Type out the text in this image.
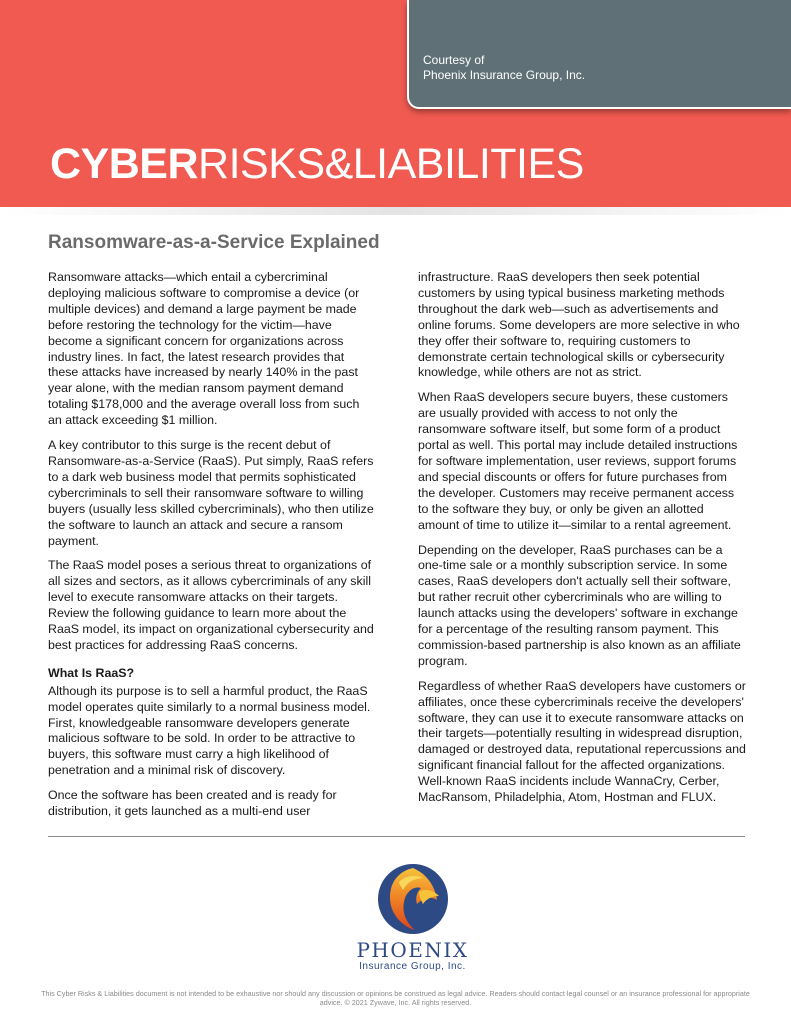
Courtesy of
Phoenix Insurance Group, Inc.
CYBERRISKS&LIABILITIES
Ransomware-as-a-Service Explained

Ransomware attacks—which entail a cybercriminal deploying malicious software to compromise a device (or multiple devices) and demand a large payment be made before restoring the technology for the victim—have become a significant concern for organizations across industry lines. In fact, the latest research provides that these attacks have increased by nearly 140% in the past year alone, with the median ransom payment demand totaling $178,000 and the average overall loss from such an attack exceeding $1 million.

A key contributor to this surge is the recent debut of Ransomware-as-a-Service (RaaS). Put simply, RaaS refers to a dark web business model that permits sophisticated cybercriminals to sell their ransomware software to willing buyers (usually less skilled cybercriminals), who then utilize the software to launch an attack and secure a ransom payment.

The RaaS model poses a serious threat to organizations of all sizes and sectors, as it allows cybercriminals of any skill level to execute ransomware attacks on their targets. Review the following guidance to learn more about the RaaS model, its impact on organizational cybersecurity and best practices for addressing RaaS concerns.

What Is RaaS?

Although its purpose is to sell a harmful product, the RaaS model operates quite similarly to a normal business model. First, knowledgeable ransomware developers generate malicious software to be sold. In order to be attractive to buyers, this software must carry a high likelihood of penetration and a minimal risk of discovery.

Once the software has been created and is ready for distribution, it gets launched as a multi-end user

infrastructure. RaaS developers then seek potential customers by using typical business marketing methods throughout the dark web—such as advertisements and online forums. Some developers are more selective in who they offer their software to, requiring customers to demonstrate certain technological skills or cybersecurity knowledge, while others are not as strict.

When RaaS developers secure buyers, these customers are usually provided with access to not only the ransomware software itself, but some form of a product portal as well. This portal may include detailed instructions for software implementation, user reviews, support forums and special discounts or offers for future purchases from the developer. Customers may receive permanent access to the software they buy, or only be given an allotted amount of time to utilize it—similar to a rental agreement.

Depending on the developer, RaaS purchases can be a one-time sale or a monthly subscription service. In some cases, RaaS developers don't actually sell their software, but rather recruit other cybercriminals who are willing to launch attacks using the developers' software in exchange for a percentage of the resulting ransom payment. This commission-based partnership is also known as an affiliate program.

Regardless of whether RaaS developers have customers or affiliates, once these cybercriminals receive the developers' software, they can use it to execute ransomware attacks on their targets—potentially resulting in widespread disruption, damaged or destroyed data, reputational repercussions and significant financial fallout for the affected organizations. Well-known RaaS incidents include WannaCry, Cerber, MacRansom, Philadelphia, Atom, Hostman and FLUX.

PHOENIX
Insurance Group, Inc.
This Cyber Risks & Liabilities document is not intended to be exhaustive nor should any discussion or opinions be construed as legal advice. Readers should contact legal counsel or an insurance professional for appropriate advice. © 2021 Zywave, Inc. All rights reserved.
